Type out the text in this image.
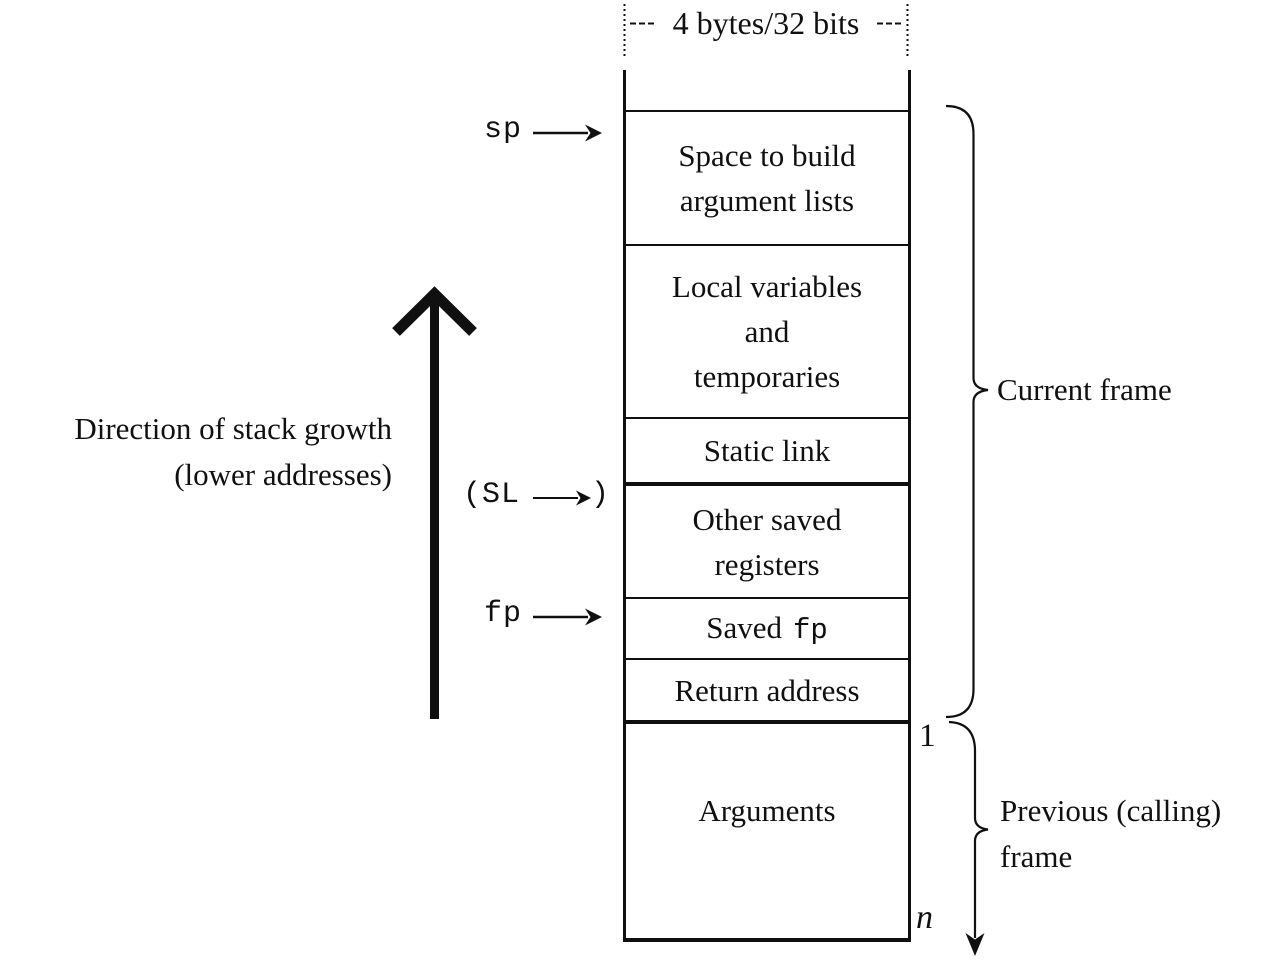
4 bytes/32 bits
Space to build
argument lists
Local variables
and
temporaries
Static link
Other saved
registers
Saved fp
Return address
Arguments
sp
(SL )
fp
Direction of stack growth
(lower addresses)
Current frame
Previous (calling)
frame
1
n
